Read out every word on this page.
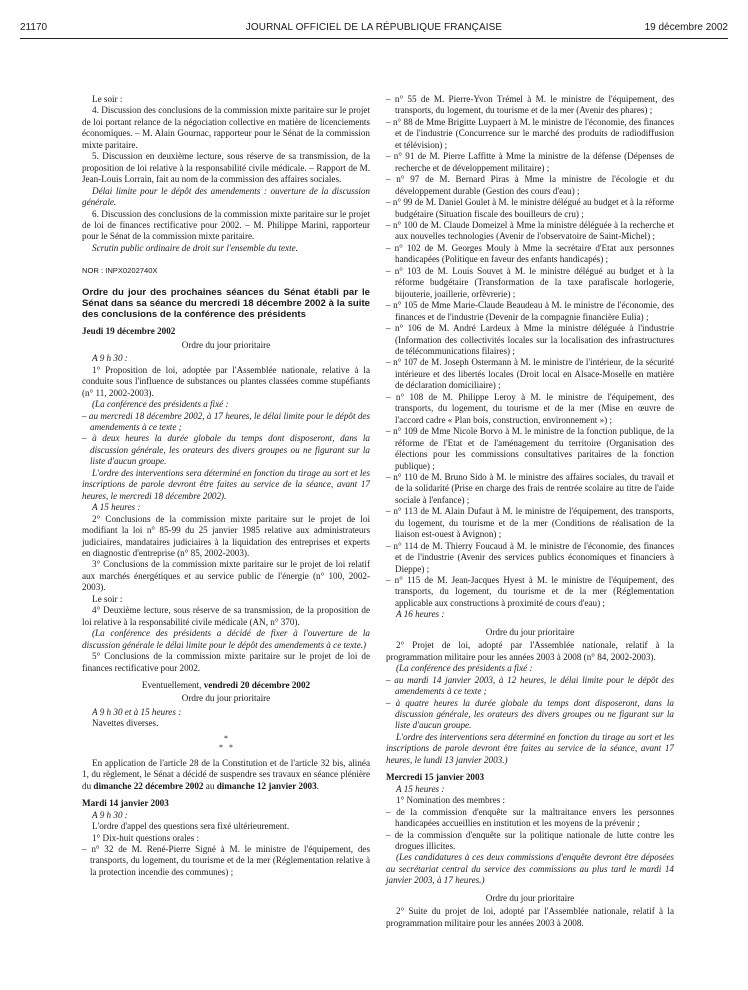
21170	JOURNAL OFFICIEL DE LA RÉPUBLIQUE FRANÇAISE	19 décembre 2002

Le soir :

4. Discussion des conclusions de la commission mixte paritaire sur le projet de loi portant relance de la négociation collective en matière de licenciements économiques. – M. Alain Gournac, rapporteur pour le Sénat de la commission mixte paritaire.

5. Discussion en deuxième lecture, sous réserve de sa transmission, de la proposition de loi relative à la responsabilité civile médicale. – Rapport de M. Jean-Louis Lorrain, fait au nom de la commission des affaires sociales.

Délai limite pour le dépôt des amendements : ouverture de la discussion générale.

6. Discussion des conclusions de la commission mixte paritaire sur le projet de loi de finances rectificative pour 2002. – M. Philippe Marini, rapporteur pour le Sénat de la commission mixte paritaire.

Scrutin public ordinaire de droit sur l'ensemble du texte.

NOR : INPX0202740X

Ordre du jour des prochaines séances du Sénat établi par le Sénat dans sa séance du mercredi 18 décembre 2002 à la suite des conclusions de la conférence des présidents

Jeudi 19 décembre 2002

Ordre du jour prioritaire

A 9 h 30 :

1° Proposition de loi, adoptée par l'Assemblée nationale, relative à la conduite sous l'influence de substances ou plantes classées comme stupéfiants (n° 11, 2002-2003).

(La conférence des présidents a fixé :

– au mercredi 18 décembre 2002, à 17 heures, le délai limite pour le dépôt des amendements à ce texte ;

– à deux heures la durée globale du temps dont disposeront, dans la discussion générale, les orateurs des divers groupes ou ne figurant sur la liste d'aucun groupe.

L'ordre des interventions sera déterminé en fonction du tirage au sort et les inscriptions de parole devront être faites au service de la séance, avant 17 heures, le mercredi 18 décembre 2002).

A 15 heures :

2° Conclusions de la commission mixte paritaire sur le projet de loi modifiant la loi n° 85-99 du 25 janvier 1985 relative aux administrateurs judiciaires, mandataires judiciaires à la liquidation des entreprises et experts en diagnostic d'entreprise (n° 85, 2002-2003).

3° Conclusions de la commission mixte paritaire sur le projet de loi relatif aux marchés énergétiques et au service public de l'énergie (n° 100, 2002-2003).

Le soir :

4° Deuxième lecture, sous réserve de sa transmission, de la proposition de loi relative à la responsabilité civile médicale (AN, n° 370).

(La conférence des présidents a décidé de fixer à l'ouverture de la discussion générale le délai limite pour le dépôt des amendements à ce texte.)

5° Conclusions de la commission mixte paritaire sur le projet de loi de finances rectificative pour 2002.

Eventuellement, vendredi 20 décembre 2002

Ordre du jour prioritaire

A 9 h 30 et à 15 heures :

Navettes diverses.

*
*   *

En application de l'article 28 de la Constitution et de l'article 32 bis, alinéa 1, du règlement, le Sénat a décidé de suspendre ses travaux en séance plénière du dimanche 22 décembre 2002 au dimanche 12 janvier 2003.

Mardi 14 janvier 2003

A 9 h 30 :

L'ordre d'appel des questions sera fixé ultérieurement.

1° Dix-huit questions orales :

– n° 32 de M. René-Pierre Signé à M. le ministre de l'équipement, des transports, du logement, du tourisme et de la mer (Réglementation relative à la protection incendie des communes) ;

– n° 55 de M. Pierre-Yvon Trémel à M. le ministre de l'équipement, des transports, du logement, du tourisme et de la mer (Avenir des phares) ;

– n° 88 de Mme Brigitte Luypaert à M. le ministre de l'économie, des finances et de l'industrie (Concurrence sur le marché des produits de radiodiffusion et télévision) ;

– n° 91 de M. Pierre Laffitte à Mme la ministre de la défense (Dépenses de recherche et de développement militaire) ;

– n° 97 de M. Bernard Piras à Mme la ministre de l'écologie et du développement durable (Gestion des cours d'eau) ;

– n° 99 de M. Daniel Goulet à M. le ministre délégué au budget et à la réforme budgétaire (Situation fiscale des bouilleurs de cru) ;

– n° 100 de M. Claude Domeizel à Mme la ministre déléguée à la recherche et aux nouvelles technologies (Avenir de l'observatoire de Saint-Michel) ;

– n° 102 de M. Georges Mouly à Mme la secrétaire d'Etat aux personnes handicapées (Politique en faveur des enfants handicapés) ;

– n° 103 de M. Louis Souvet à M. le ministre délégué au budget et à la réforme budgétaire (Transformation de la taxe parafiscale horlogerie, bijouterie, joaillerie, orfèvrerie) ;

– n° 105 de Mme Marie-Claude Beaudeau à M. le ministre de l'économie, des finances et de l'industrie (Devenir de la compagnie financière Eulia) ;

– n° 106 de M. André Lardeux à Mme la ministre déléguée à l'industrie (Information des collectivités locales sur la localisation des infrastructures de télécommunications filaires) ;

– n° 107 de M. Joseph Ostermann à M. le ministre de l'intérieur, de la sécurité intérieure et des libertés locales (Droit local en Alsace-Moselle en matière de déclaration domiciliaire) ;

– n° 108 de M. Philippe Leroy à M. le ministre de l'équipement, des transports, du logement, du tourisme et de la mer (Mise en œuvre de l'accord cadre « Plan bois, construction, environnement ») ;

– n° 109 de Mme Nicole Borvo à M. le ministre de la fonction publique, de la réforme de l'Etat et de l'aménagement du territoire (Organisation des élections pour les commissions consultatives paritaires de la fonction publique) ;

– n° 110 de M. Bruno Sido à M. le ministre des affaires sociales, du travail et de la solidarité (Prise en charge des frais de rentrée scolaire au titre de l'aide sociale à l'enfance) ;

– n° 113 de M. Alain Dufaut à M. le ministre de l'équipement, des transports, du logement, du tourisme et de la mer (Conditions de réalisation de la liaison est-ouest à Avignon) ;

– n° 114 de M. Thierry Foucaud à M. le ministre de l'économie, des finances et de l'industrie (Avenir des services publics économiques et financiers à Dieppe) ;

– n° 115 de M. Jean-Jacques Hyest à M. le ministre de l'équipement, des transports, du logement, du tourisme et de la mer (Réglementation applicable aux constructions à proximité de cours d'eau) ;

A 16 heures :

Ordre du jour prioritaire

2° Projet de loi, adopté par l'Assemblée nationale, relatif à la programmation militaire pour les années 2003 à 2008 (n° 84, 2002-2003).

(La conférence des présidents a fixé :

– au mardi 14 janvier 2003, à 12 heures, le délai limite pour le dépôt des amendements à ce texte ;

– à quatre heures la durée globale du temps dont disposeront, dans la discussion générale, les orateurs des divers groupes ou ne figurant sur la liste d'aucun groupe.

L'ordre des interventions sera déterminé en fonction du tirage au sort et les inscriptions de parole devront être faites au service de la séance, avant 17 heures, le lundi 13 janvier 2003.)

Mercredi 15 janvier 2003

A 15 heures :

1° Nomination des membres :

– de la commission d'enquête sur la maltraitance envers les personnes handicapées accueillies en institution et les moyens de la prévenir ;

– de la commission d'enquête sur la politique nationale de lutte contre les drogues illicites.

(Les candidatures à ces deux commissions d'enquête devront être déposées au secrétariat central du service des commissions au plus tard le mardi 14 janvier 2003, à 17 heures.)

Ordre du jour prioritaire

2° Suite du projet de loi, adopté par l'Assemblée nationale, relatif à la programmation militaire pour les années 2003 à 2008.
